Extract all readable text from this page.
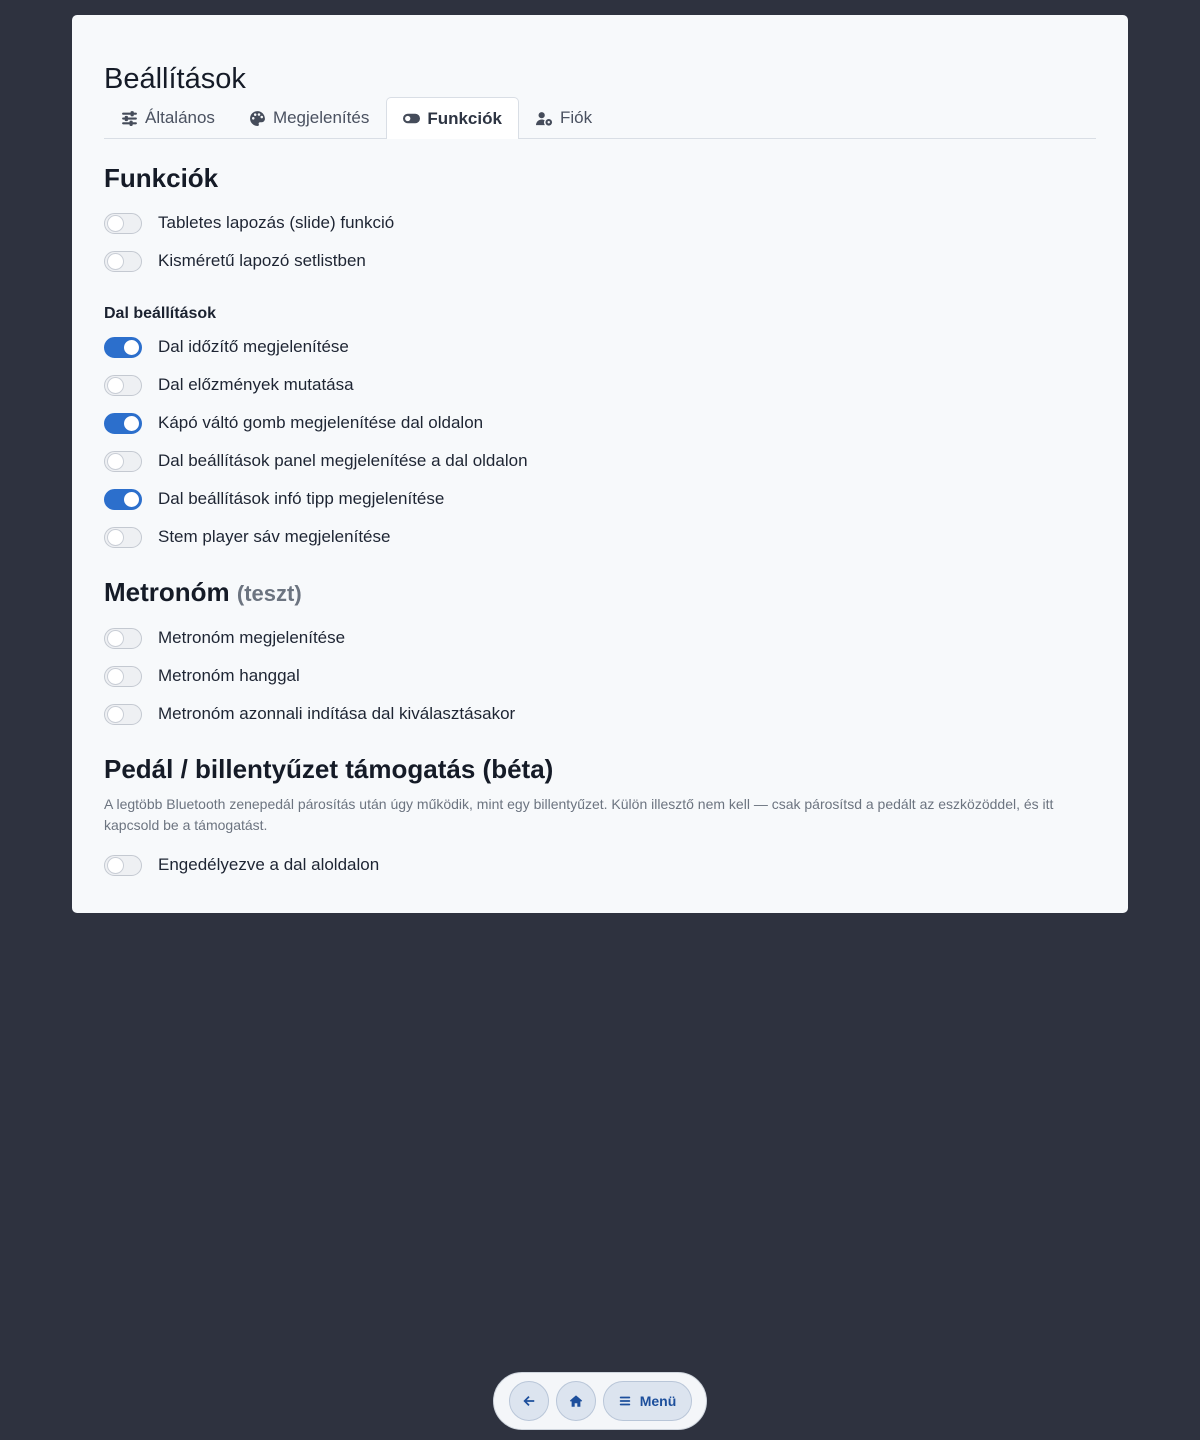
Beállítások
Általános	Megjelenítés	Funkciók	Fiók
Funkciók
Tabletes lapozás (slide) funkció
Kisméretű lapozó setlistben
Dal beállítások
Dal időzítő megjelenítése
Dal előzmények mutatása
Kápó váltó gomb megjelenítése dal oldalon
Dal beállítások panel megjelenítése a dal oldalon
Dal beállítások infó tipp megjelenítése
Stem player sáv megjelenítése
Metronóm (teszt)
Metronóm megjelenítése
Metronóm hanggal
Metronóm azonnali indítása dal kiválasztásakor
Pedál / billentyűzet támogatás (béta)

A legtöbb Bluetooth zenepedál párosítás után úgy működik, mint egy billentyűzet. Külön illesztő nem kell — csak párosítsd a pedált az eszközöddel, és itt kapcsold be a támogatást.

Engedélyezve a dal aloldalon
Menü
